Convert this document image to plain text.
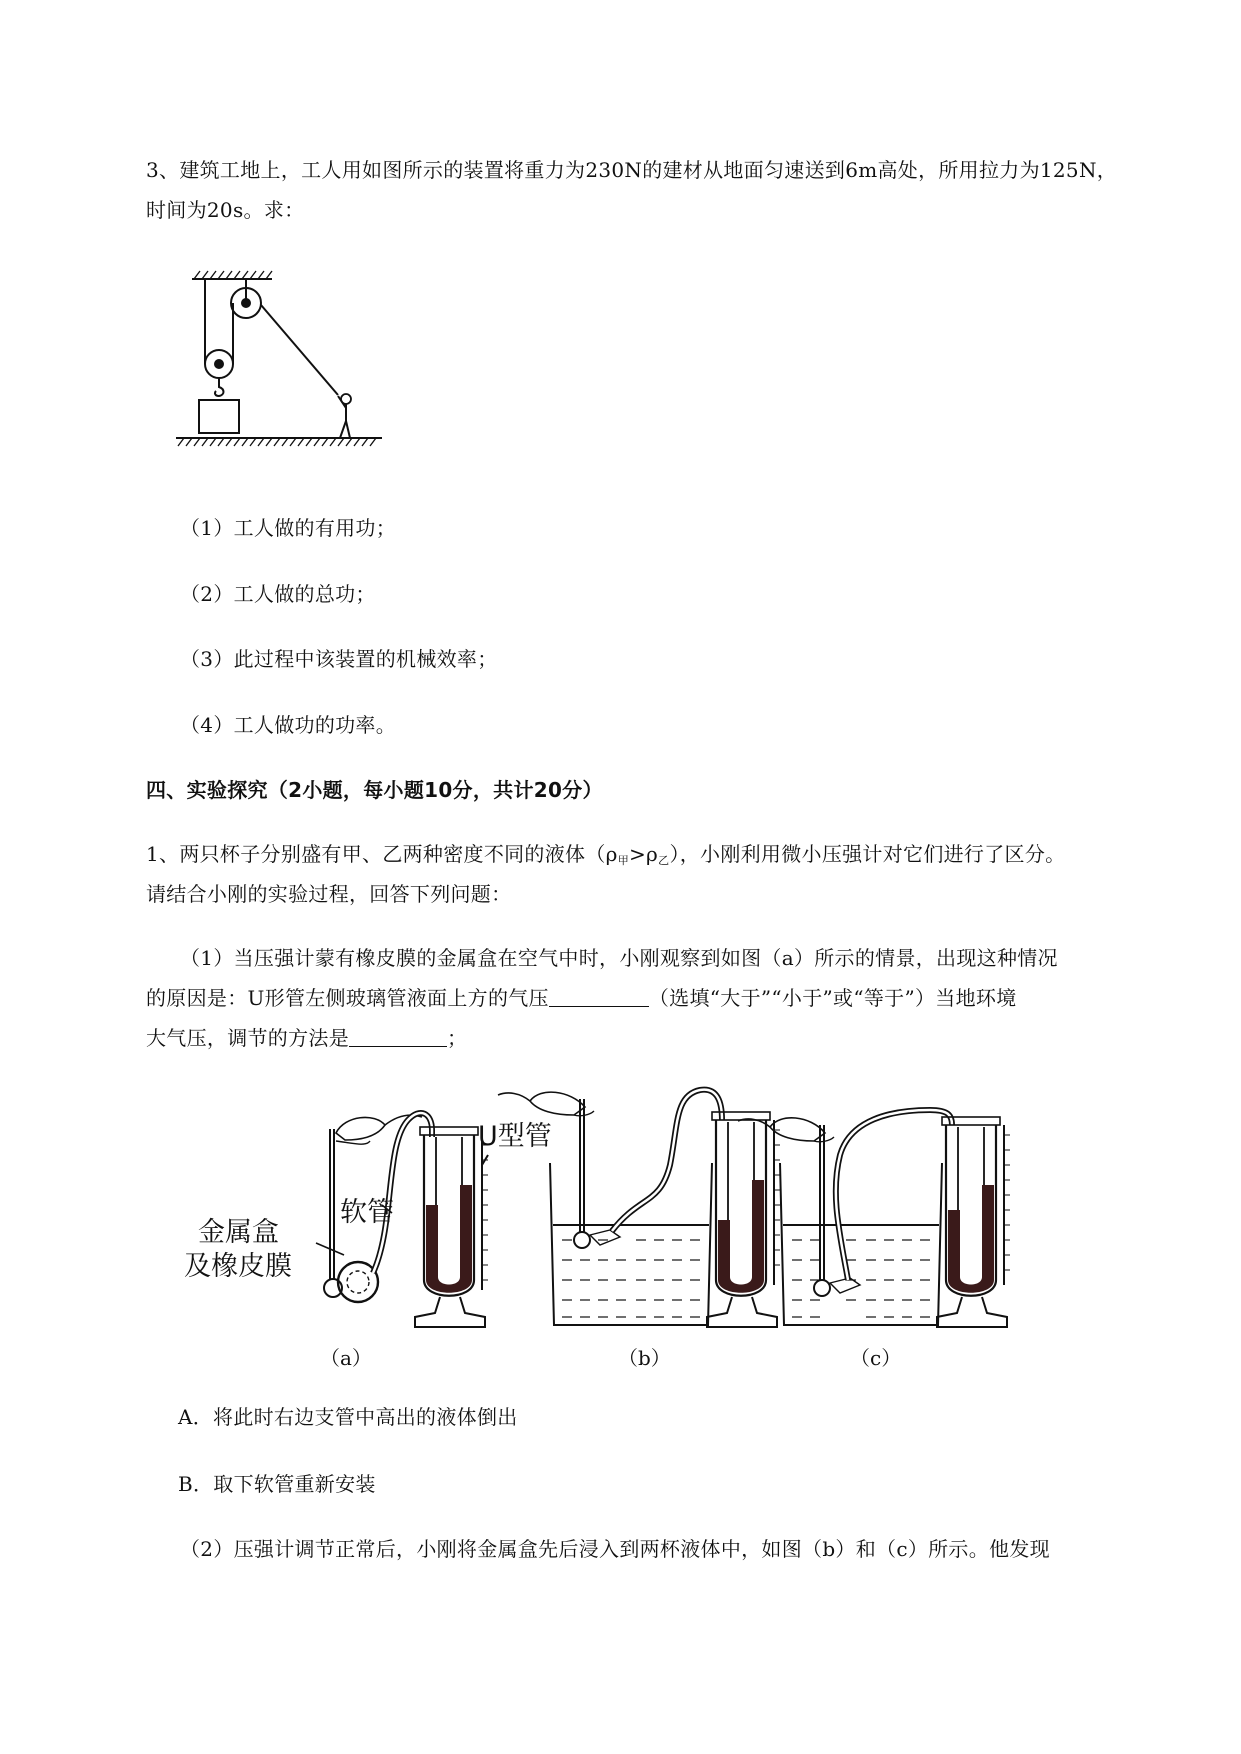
3、建筑工地上，工人用如图所示的装置将重力为230N的建材从地面匀速送到6m高处，所用拉力为125N，
时间为20s。求：
（1）工人做的有用功；
（2）工人做的总功；
（3）此过程中该装置的机械效率；
（4）工人做功的功率。
四、实验探究（2小题，每小题10分，共计20分）
1、两只杯子分别盛有甲、乙两种密度不同的液体$(\rho_甲>\rho_乙)$，小刚利用微小压强计对它们进行了区分。
请结合小刚的实验过程，回答下列问题：
（1）当压强计蒙有橡皮膜的金属盒在空气中时，小刚观察到如图（a）所示的情景，出现这种情况
的原因是：U形管左侧玻璃管液面上方的气压	（选填“大于”“小于”或“等于”）当地环境
大气压，调节的方法是	；
U型管
软管
金属盒
及橡皮膜
（a）	（b）	（c）
A．将此时右边支管中高出的液体倒出
B．取下软管重新安装
（2）压强计调节正常后，小刚将金属盒先后浸入到两杯液体中，如图（b）和（c）所示。他发现
